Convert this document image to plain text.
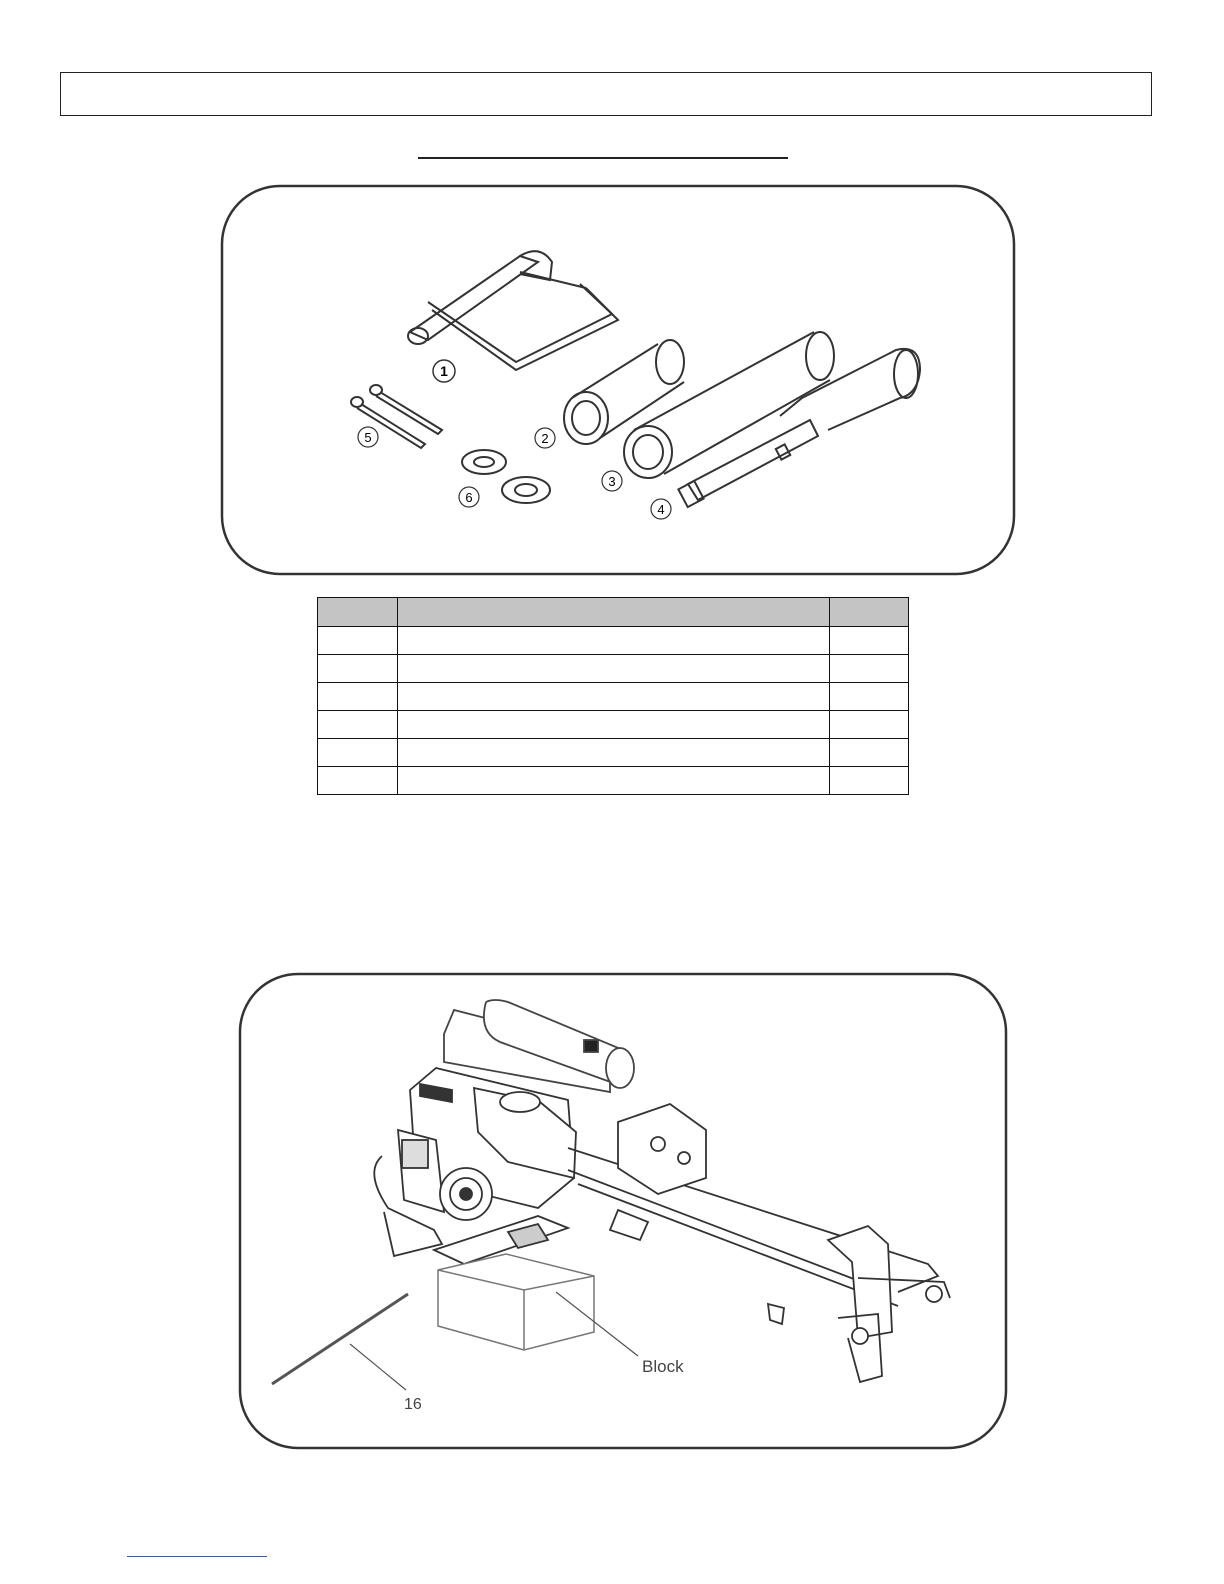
1
5
6
2
3
4

16
Block
